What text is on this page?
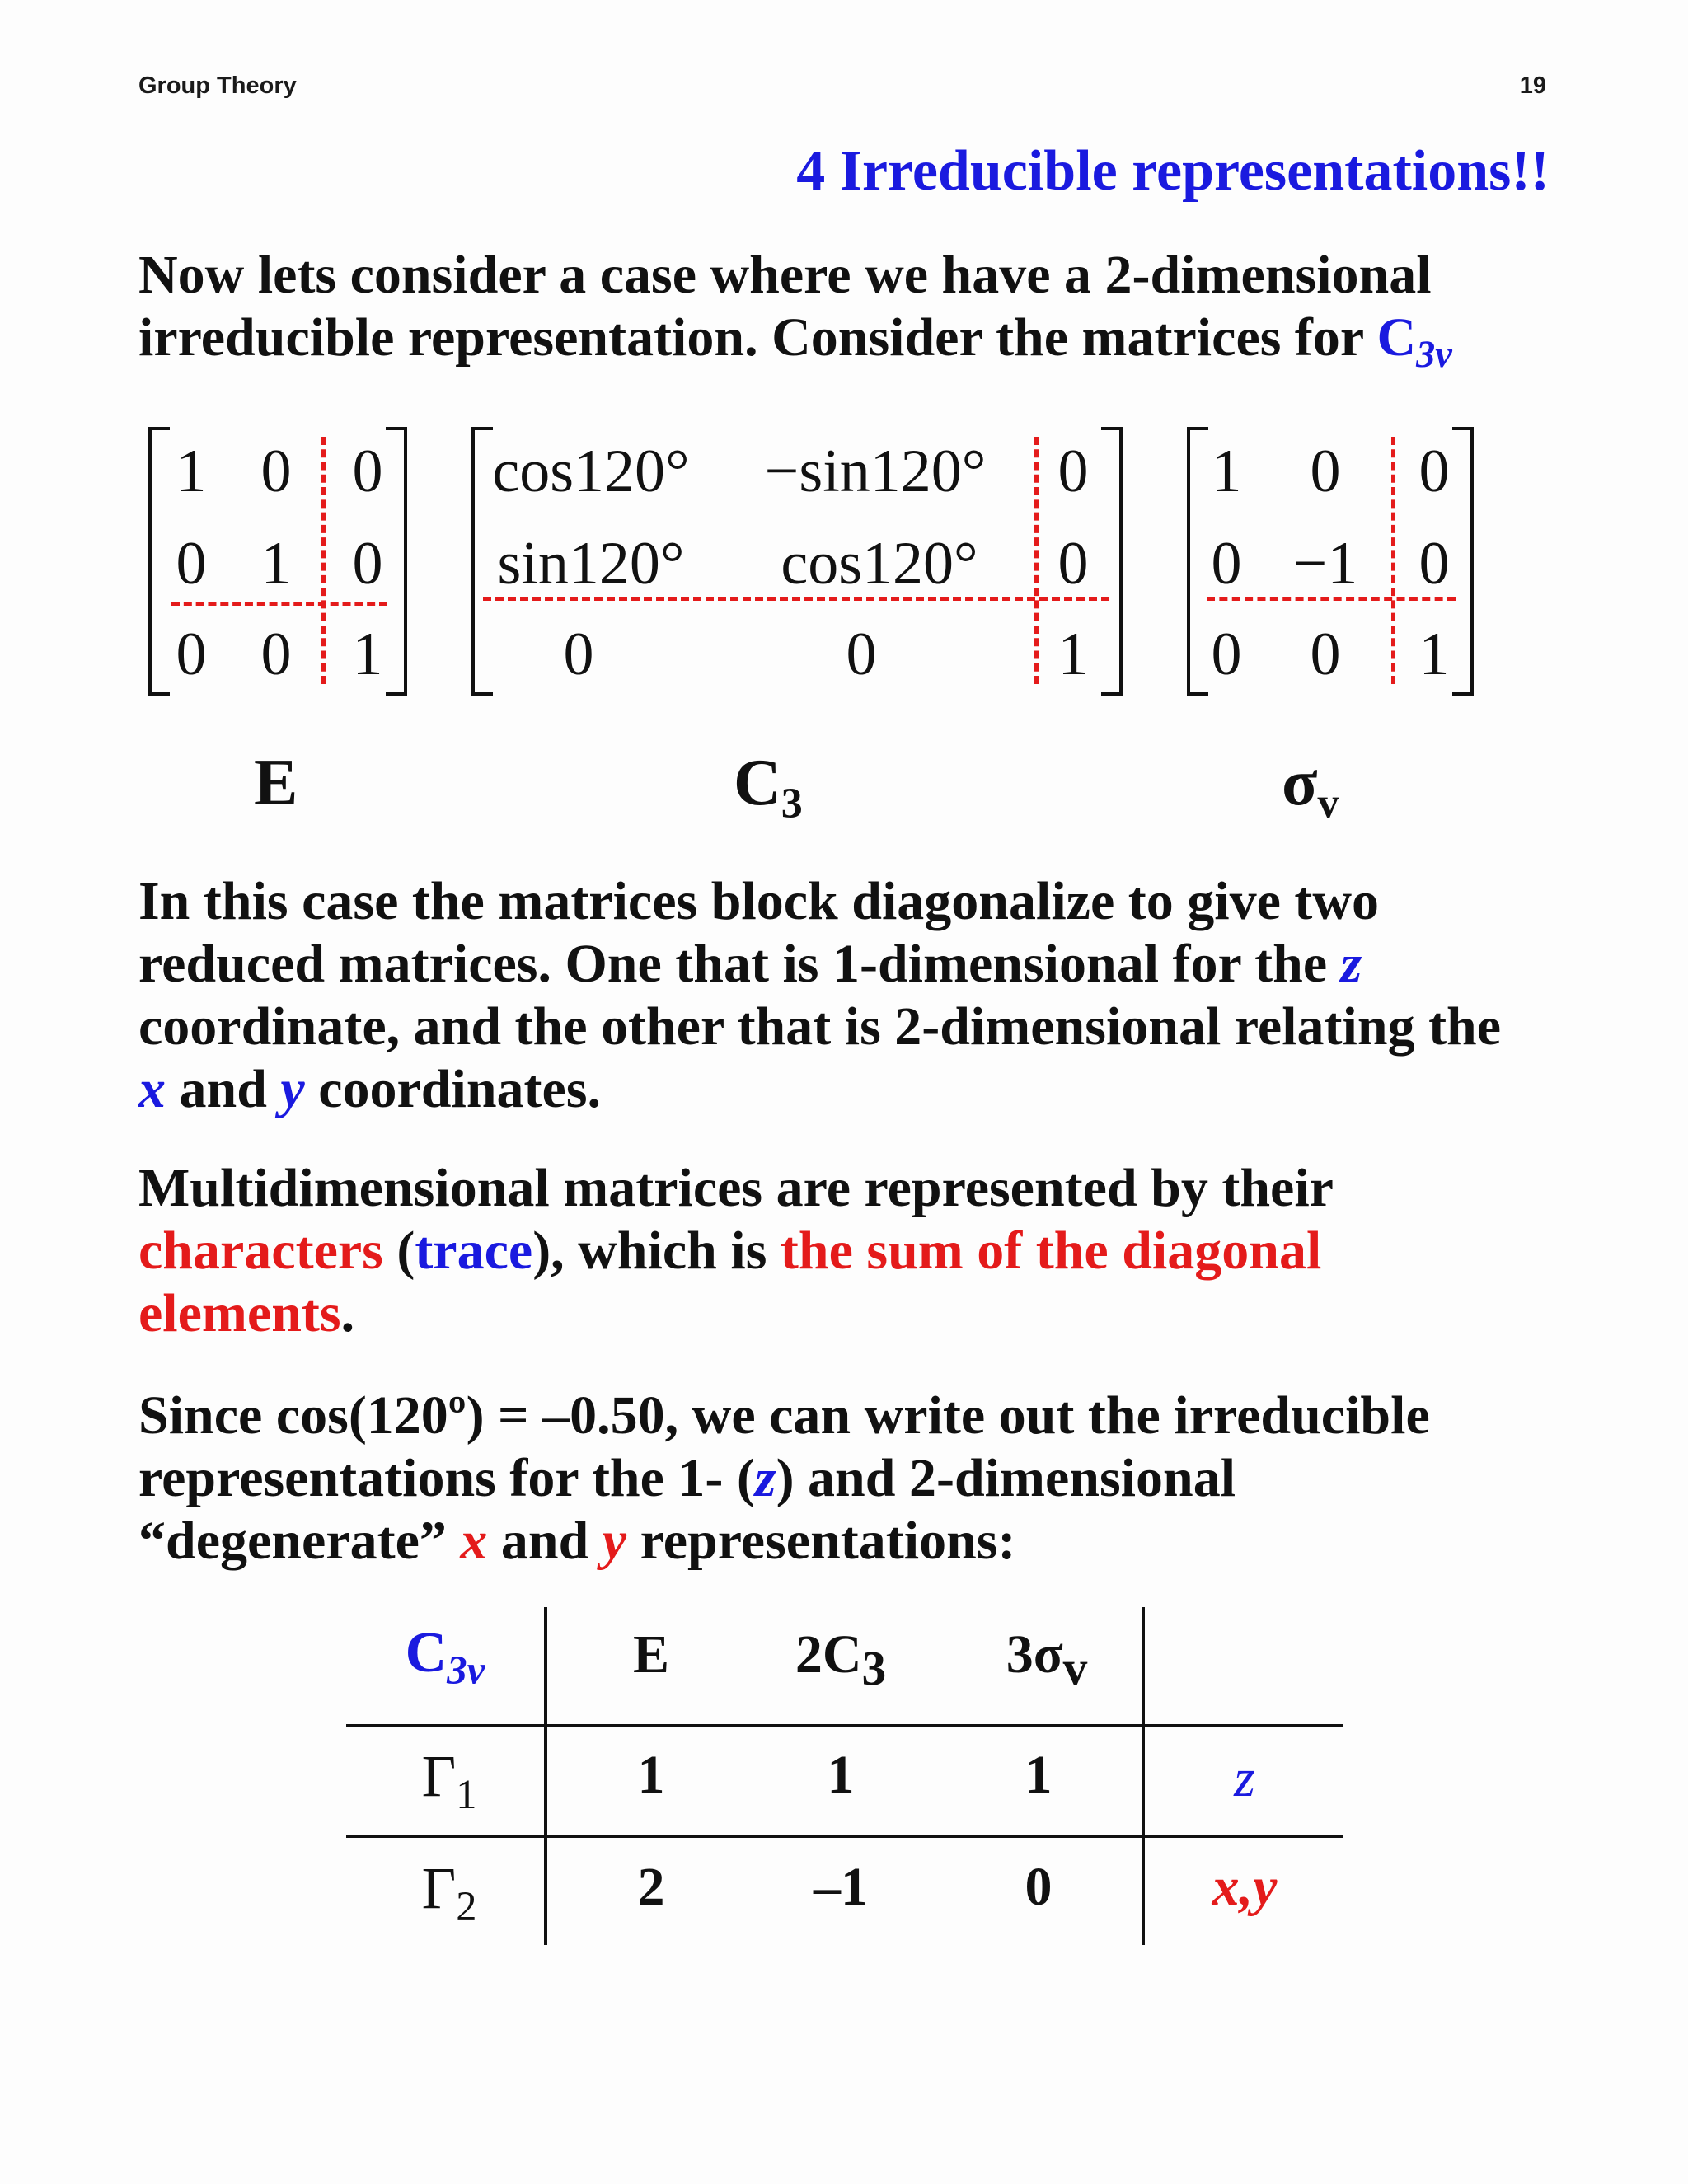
Group Theory	19
4 Irreducible representations!!
Now lets consider a case where we have a 2-dimensional
irreducible representation. Consider the matrices for $C_{3v}$
1 0 0
0 1 0
0 0 1
cos120° −sin120° 0
sin120°	cos120°	0
0	0	1
1 0 0
0 −1 0
0 0 1
E	$C_3$	$\sigma_v$
In this case the matrices block diagonalize to give two
reduced matrices. One that is 1-dimensional for the z
coordinate, and the other that is 2-dimensional relating the
x and y coordinates.
Multidimensional matrices are represented by their
characters (trace), which is the sum of the diagonal
elements.
Since cos(120º) = –0.50, we can write out the irreducible
representations for the 1- (z) and 2-dimensional
“degenerate” x and y representations:
$C_{3v}$	E	$2C_3$	$3\sigma_v$
$\Gamma_1$	1	1	1	z
$\Gamma_2$	2	–1	0	x,y
